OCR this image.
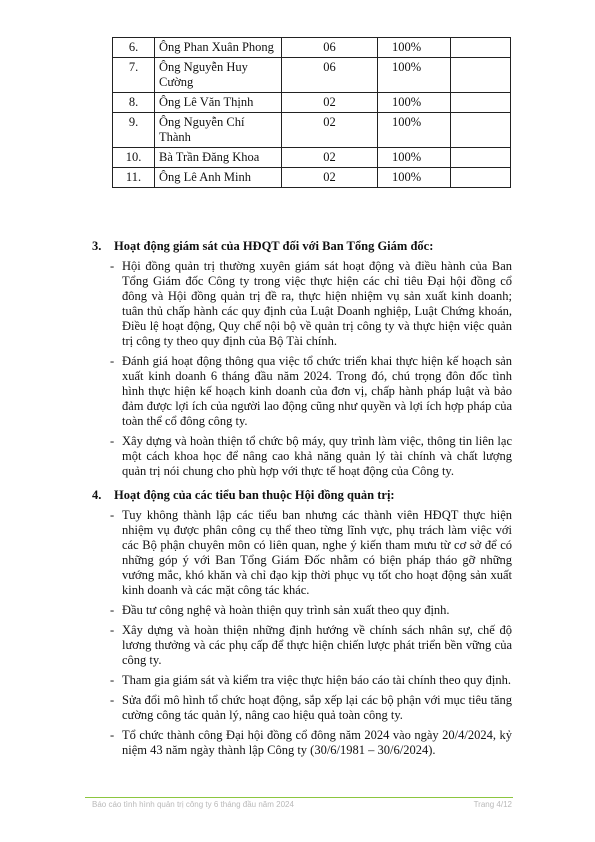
6.	Ông Phan Xuân Phong	06	100%	
7.	Ông Nguyễn Huy Cường	06	100%	
8.	Ông Lê Văn Thịnh	02	100%	
9.	Ông Nguyễn Chí Thành	02	100%	
10.	Bà Trần Đăng Khoa	02	100%	
11.	Ông Lê Anh Minh	02	100%	
3. Hoạt động giám sát của HĐQT đối với Ban Tổng Giám đốc:
- Hội đồng quản trị thường xuyên giám sát hoạt động và điều hành của Ban Tổng Giám đốc Công ty trong việc thực hiện các chỉ tiêu Đại hội đồng cổ đông và Hội đồng quản trị đề ra, thực hiện nhiệm vụ sản xuất kinh doanh; tuân thủ chấp hành các quy định của Luật Doanh nghiệp, Luật Chứng khoán, Điều lệ hoạt động, Quy chế nội bộ về quản trị công ty và thực hiện việc quản trị công ty theo quy định của Bộ Tài chính.
- Đánh giá hoạt động thông qua việc tổ chức triển khai thực hiện kế hoạch sản xuất kinh doanh 6 tháng đầu năm 2024. Trong đó, chú trọng đôn đốc tình hình thực hiện kế hoạch kinh doanh của đơn vị, chấp hành pháp luật và bảo đảm được lợi ích của người lao động cũng như quyền và lợi ích hợp pháp của toàn thể cổ đông công ty.
- Xây dựng và hoàn thiện tổ chức bộ máy, quy trình làm việc, thông tin liên lạc một cách khoa học để nâng cao khả năng quản lý tài chính và chất lượng quản trị nói chung cho phù hợp với thực tế hoạt động của Công ty.
4. Hoạt động của các tiểu ban thuộc Hội đồng quản trị:
- Tuy không thành lập các tiểu ban nhưng các thành viên HĐQT thực hiện nhiệm vụ được phân công cụ thể theo từng lĩnh vực, phụ trách làm việc với các Bộ phận chuyên môn có liên quan, nghe ý kiến tham mưu từ cơ sở để có những góp ý với Ban Tổng Giám Đốc nhằm có biện pháp tháo gỡ những vướng mắc, khó khăn và chỉ đạo kịp thời phục vụ tốt cho hoạt động sản xuất kinh doanh và các mặt công tác khác.
- Đầu tư công nghệ và hoàn thiện quy trình sản xuất theo quy định.
- Xây dựng và hoàn thiện những định hướng về chính sách nhân sự, chế độ lương thưởng và các phụ cấp để thực hiện chiến lược phát triển bền vững của công ty.
- Tham gia giám sát và kiểm tra việc thực hiện báo cáo tài chính theo quy định.
- Sửa đổi mô hình tổ chức hoạt động, sắp xếp lại các bộ phận với mục tiêu tăng cường công tác quản lý, nâng cao hiệu quả toàn công ty.
- Tổ chức thành công Đại hội đồng cổ đông năm 2024 vào ngày 20/4/2024, kỷ niệm 43 năm ngày thành lập Công ty (30/6/1981 – 30/6/2024).
Báo cáo tình hình quản trị công ty 6 tháng đầu năm 2024	Trang 4/12
